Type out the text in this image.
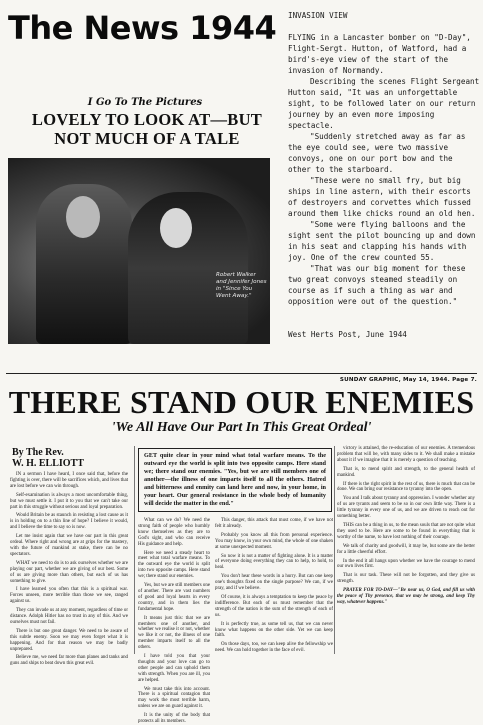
The News 1944	INVASION VIEW

FLYING in a Lancaster bomber on "D-Day", Flight-Sergt. Hutton, of Watford, had a bird's-eye view of the start of the invasion of Normandy.

Describing the scenes Flight Sergeant Hutton said, "It was an unforgettable sight, to be followed later on our return journey by an even more imposing spectacle.

"Suddenly stretched away as far as the eye could see, were two massive convoys, one on our port bow and the other to the starboard.

"These were no small fry, but big ships in line astern, with their escorts of destroyers and corvettes which fussed around them like chicks round an old hen.

"Some were flying balloons and the sight sent the pilot bouncing up and down in his seat and clapping his hands with joy. One of the crew counted 55.

"That was our big moment for these two great convoys steamed steadily on course as if such a thing as war and opposition were out of the question."

West Herts Post, June 1944

I Go To The Pictures
LOVELY TO LOOK AT—BUT NOT MUCH OF A TALE
Robert Walker and Jennifer Jones in "Since You Went Away."
SUNDAY GRAPHIC, May 14, 1944. Page 7.
THERE STAND OUR ENEMIES
'We All Have Our Part In This Great Ordeal'
By The Rev.
W. H. ELLIOTT

IN a sermon I have heard, I once said that, before the fighting is over, there will be sacrifices which, and lives that are lost before we can win through.

Self-examination is always a most uncomfortable thing, but we must settle it. I put it to you that we can't take our part in this struggle without serious and loyal preparation.

Would Britain be as staunch in resisting a lost cause as it is in holding on to a thin line of hope? I believe it would, and I believe the time to say so is now.

Let me insist again that we have our part in this great ordeal. Where right and wrong are at grips for the mastery, with the future of mankind at stake, there can be no spectators.

WHAT we need to do is to ask ourselves whether we are playing our part, whether we are giving of our best. Some of us are giving more than others, but each of us has something to give.

I have learned you often that this is a spiritual war. Forces unseen, more terrible than those we see, ranged against us.

They can invade us at any moment, regardless of time or distance. Adolph Hitler has no trust in any of this. And we ourselves must not fail.

There is but one great danger. We need to be aware of this subtle enemy. Soon we may even forget what it is happening. And for that reason we may be badly unprepared.

Believe me, we need far more than planes and tanks and guns and ships to beat down this great evil.

GET quite clear in your mind what total warfare means. To the outward eye the world is split into two opposite camps. Here stand we; there stand our enemies. "Yes, but we are still members one of another—the illness of one imparts itself to all the others. Hatred and bitterness and enmity can land here and now, in your home, in your heart. Our general resistance in the whole body of humanity will decide the matter in the end."

What can we do? We need the strong faith of people who humbly know themselves as they are to God's sight, and who can receive His guidance and help.

Here we need a steady heart to meet what total warfare means. To the outward eye the world is split into two opposite camps. Here stand we; there stand our enemies.

Yes, but we are still members one of another. There are vast numbers of good and loyal hearts in every country, and in them lies the fundamental hope.

It means just this: that we are members one of another, and whether we realise it or not, whether we like it or not, the illness of one member imparts itself to all the others.

I have told you that your thoughts and your love can go to other people and can uphold them with strength. When you are ill, you are helped.

We must take this into account. There is a spiritual contagion that may work the most terrible harm, unless we are on guard against it.

It is the unity of the body that protects all its members.

This danger, this attack that must come, if we have not felt it already.

Probably you know all this from personal experience. You may know, in your own mind, the whole of one shaken at some unexpected moment.

So now it is not a matter of fighting alone. It is a matter of everyone doing everything they can to help, to hold, to heal.

You don't hear these words in a hurry. But can one keep one's thoughts fixed on the single purpose? We can, if we pray, and if we believe.

Of course, it is always a temptation to keep the peace by indifference. But each of us must remember that the strength of the nation is the sum of the strength of each of us.

It is perfectly true, as some tell us, that we can never know what happens on the other side. Yet we can keep faith.

On those days, too, we can keep alive the fellowship we need. We can hold together in the face of evil.

victory is attained, the re-education of our enemies. A tremendous problem that will be, with many sides to it. We shall make a mistake about it if we imagine that it is merely a question of teaching.

That is, to mend spirit and strength, to the general health of mankind.

If there is the right spirit in the rest of us, there is much that can be done. We can bring our resistance to tyranny into the open.

You and I talk about tyranny and oppression. I wonder whether any of us are tyrants and seem to be so in our own little way. There is a little tyranny in every one of us, and we are driven to reach out for something better.

THIS can be a thing in us, to the mean souls that are not quite what they used to be. Here are some to be found in everything that is worthy of the name, to have lost nothing of their courage.

We talk of charity and goodwill, it may be, but some are the better for a little cheerful effort.

In the end it all hangs upon whether we have the courage to mend our own lives first.

That is our task. These will not be forgotten, and they give us strength.

PRAYER FOR TO-DAY—"Be near us, O God, and fill us with the peace of Thy presence, that we may be strong, and keep Thy way, whatever happens."
